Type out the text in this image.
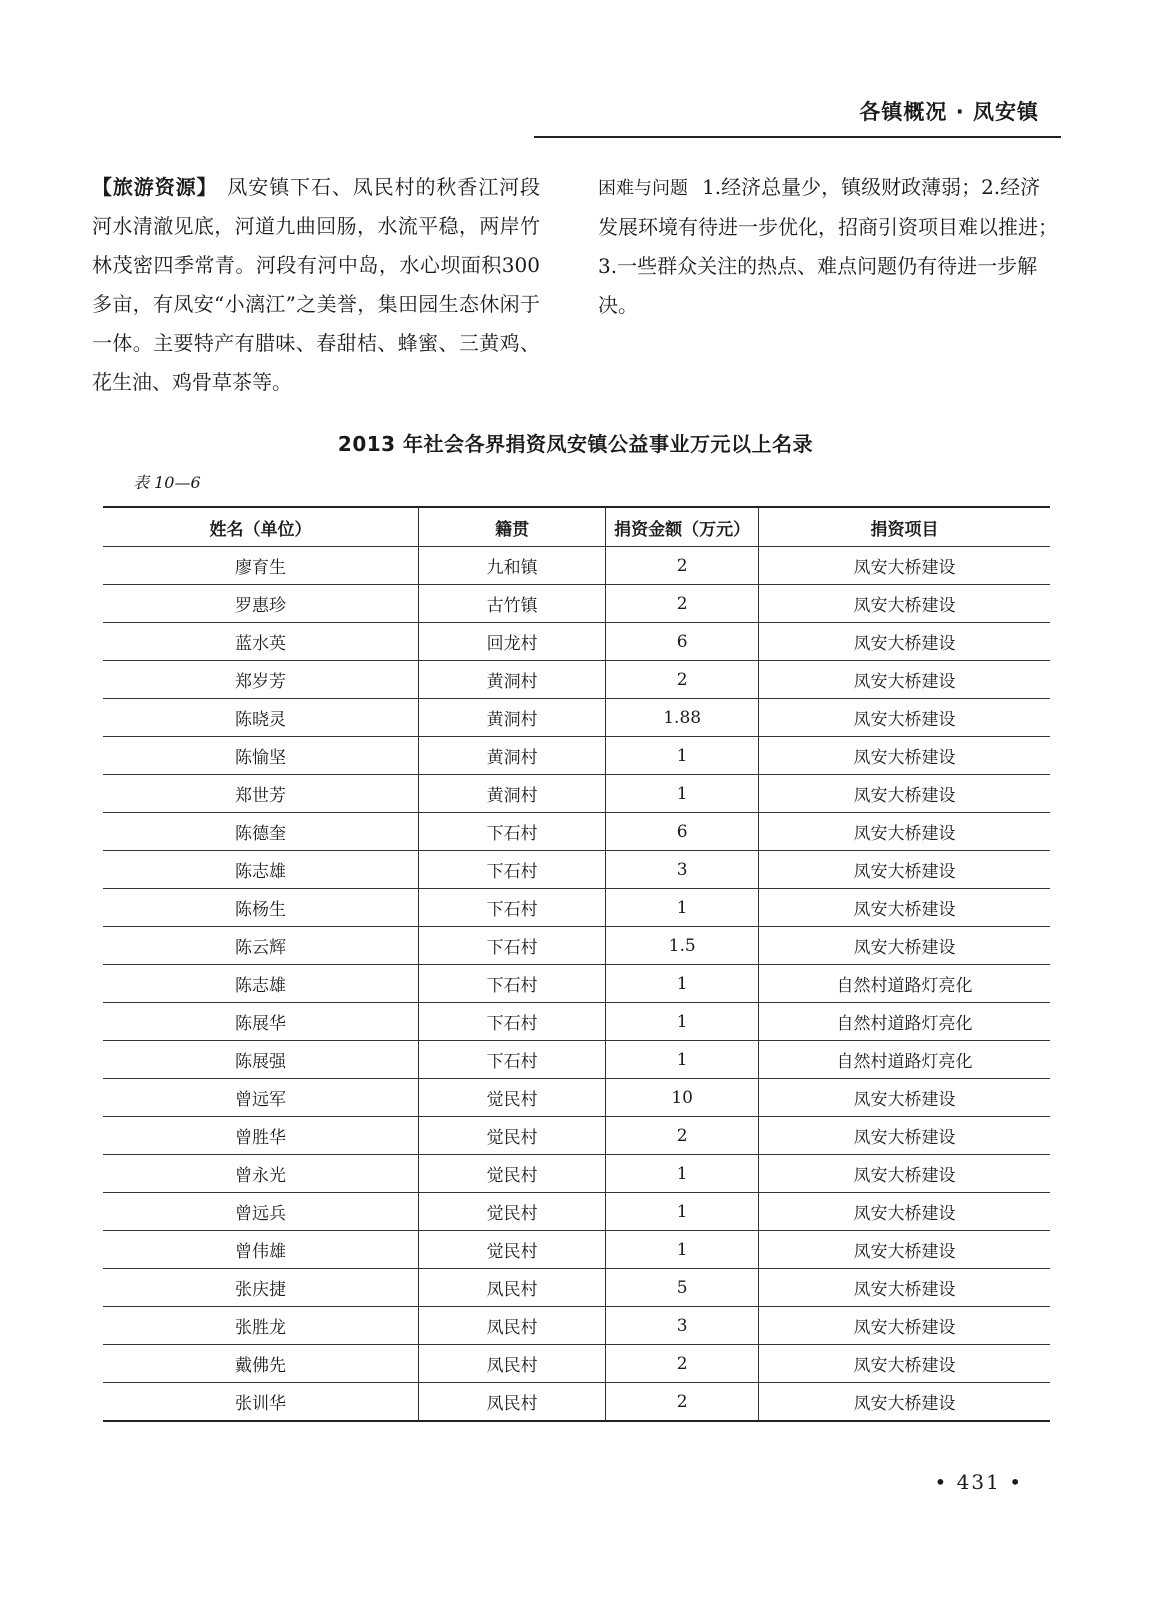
各镇概况 · 凤安镇

【旅游资源】 凤安镇下石、凤民村的秋香江河段河水清澈见底，河道九曲回肠，水流平稳，两岸竹林茂密四季常青。河段有河中岛，水心坝面积300多亩，有凤安“小漓江”之美誉，集田园生态休闲于一体。主要特产有腊味、春甜桔、蜂蜜、三黄鸡、花生油、鸡骨草茶等。

困难与问题 1.经济总量少，镇级财政薄弱；2.经济发展环境有待进一步优化，招商引资项目难以推进；3.一些群众关注的热点、难点问题仍有待进一步解决。

2013 年社会各界捐资凤安镇公益事业万元以上名录
表 10—6
姓名（单位）	籍贯	捐资金额（万元）	捐资项目
廖育生	九和镇	2	凤安大桥建设
罗惠珍	古竹镇	2	凤安大桥建设
蓝水英	回龙村	6	凤安大桥建设
郑岁芳	黄洞村	2	凤安大桥建设
陈晓灵	黄洞村	1.88	凤安大桥建设
陈愉坚	黄洞村	1	凤安大桥建设
郑世芳	黄洞村	1	凤安大桥建设
陈德奎	下石村	6	凤安大桥建设
陈志雄	下石村	3	凤安大桥建设
陈杨生	下石村	1	凤安大桥建设
陈云辉	下石村	1.5	凤安大桥建设
陈志雄	下石村	1	自然村道路灯亮化
陈展华	下石村	1	自然村道路灯亮化
陈展强	下石村	1	自然村道路灯亮化
曾远军	觉民村	10	凤安大桥建设
曾胜华	觉民村	2	凤安大桥建设
曾永光	觉民村	1	凤安大桥建设
曾远兵	觉民村	1	凤安大桥建设
曾伟雄	觉民村	1	凤安大桥建设
张庆捷	凤民村	5	凤安大桥建设
张胜龙	凤民村	3	凤安大桥建设
戴佛先	凤民村	2	凤安大桥建设
张训华	凤民村	2	凤安大桥建设
• 431 •
